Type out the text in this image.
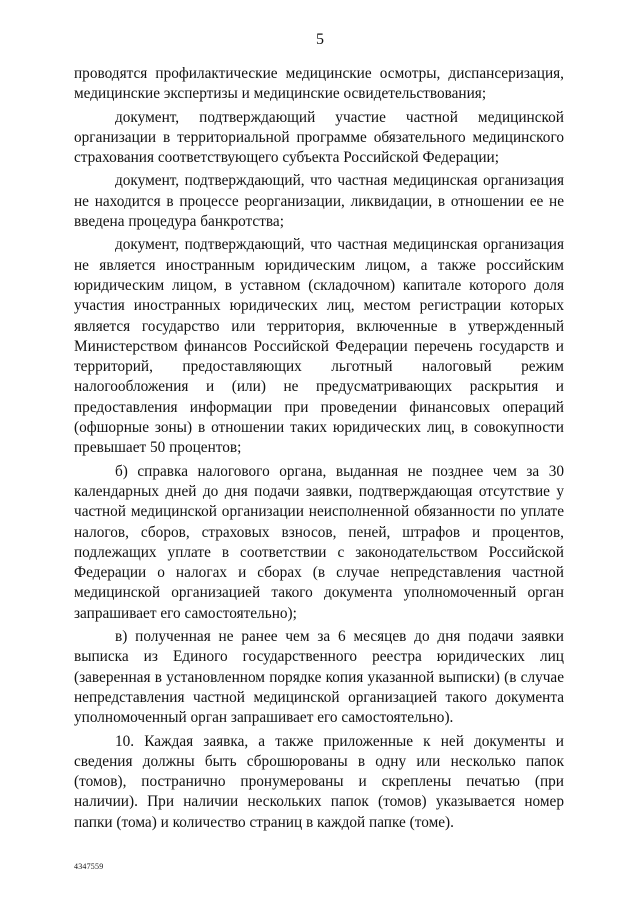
5

проводятся профилактические медицинские осмотры, диспансеризация, медицинские экспертизы и медицинские освидетельствования;

документ, подтверждающий участие частной медицинской организации в территориальной программе обязательного медицинского страхования соответствующего субъекта Российской Федерации;

документ, подтверждающий, что частная медицинская организация не находится в процессе реорганизации, ликвидации, в отношении ее не введена процедура банкротства;

документ, подтверждающий, что частная медицинская организация не является иностранным юридическим лицом, а также российским юридическим лицом, в уставном (складочном) капитале которого доля участия иностранных юридических лиц, местом регистрации которых является государство или территория, включенные в утвержденный Министерством финансов Российской Федерации перечень государств и территорий, предоставляющих льготный налоговый режим налогообложения и (или) не предусматривающих раскрытия и предоставления информации при проведении финансовых операций (офшорные зоны) в отношении таких юридических лиц, в совокупности превышает 50 процентов;

б) справка налогового органа, выданная не позднее чем за 30 календарных дней до дня подачи заявки, подтверждающая отсутствие у частной медицинской организации неисполненной обязанности по уплате налогов, сборов, страховых взносов, пеней, штрафов и процентов, подлежащих уплате в соответствии с законодательством Российской Федерации о налогах и сборах (в случае непредставления частной медицинской организацией такого документа уполномоченный орган запрашивает его самостоятельно);

в) полученная не ранее чем за 6 месяцев до дня подачи заявки выписка из Единого государственного реестра юридических лиц (заверенная в установленном порядке копия указанной выписки) (в случае непредставления частной медицинской организацией такого документа уполномоченный орган запрашивает его самостоятельно).

10. Каждая заявка, а также приложенные к ней документы и сведения должны быть сброшюрованы в одну или несколько папок (томов), постранично пронумерованы и скреплены печатью (при наличии). При наличии нескольких папок (томов) указывается номер папки (тома) и количество страниц в каждой папке (томе).

4347559
